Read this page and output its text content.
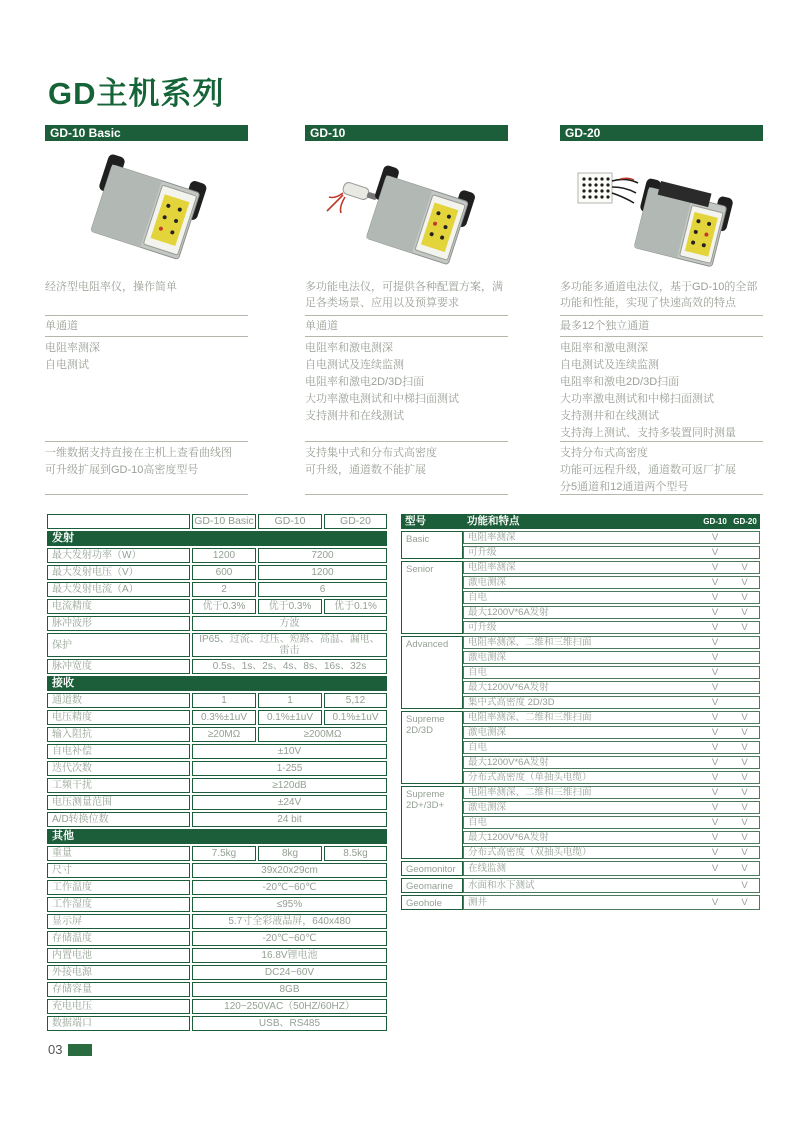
GD主机系列
GD-10 Basic
经济型电阻率仪，操作简单
单通道
电阻率测深
自电测试
一维数据支持直接在主机上查看曲线图
可升级扩展到GD-10高密度型号
GD-10
多功能电法仪，可提供各种配置方案，满足各类场景、应用以及预算要求
单通道
电阻率和激电测深
自电测试及连续监测
电阻率和激电2D/3D扫面
大功率激电测试和中梯扫面测试
支持测井和在线测试
支持集中式和分布式高密度
可升级，通道数不能扩展
GD-20
多功能多通道电法仪，基于GD-10的全部功能和性能，实现了快速高效的特点
最多12个独立通道
电阻率和激电测深
自电测试及连续监测
电阻率和激电2D/3D扫面
大功率激电测试和中梯扫面测试
支持测井和在线测试
支持海上测试、支持多装置同时测量
支持分布式高密度
功能可远程升级，通道数可返厂扩展
分5通道和12通道两个型号
	GD-10 Basic	GD-10	GD-20
发射			
最大发射功率（W）	1200	7200	
最大发射电压（V）	600	1200	
最大发射电流（A）	2	6	
电流精度	优于0.3%	优于0.3%	优于0.1%
脉冲波形	方波		
保护	IP65、过流、过压、短路、高温、漏电、雷击		
脉冲宽度	0.5s、1s、2s、4s、8s、16s、32s		
接收			
通道数	1	1	5,12
电压精度	0.3%±1uV	0.1%±1uV	0.1%±1uV
输入阻抗	≥20MΩ	≥200MΩ	
自电补偿	±10V		
迭代次数	1-255		
工频干扰	≥120dB		
电压测量范围	±24V		
A/D转换位数	24 bit		
其他			
重量	7.5kg	8kg	8.5kg
尺寸	39x20x29cm		
工作温度	-20℃~60℃		
工作湿度	≤95%		
显示屏	5.7寸全彩液晶屏，640x480		
存储温度	-20℃~60℃		
内置电池	16.8V锂电池		
外接电源	DC24~60V		
存储容量	8GB		
充电电压	120~250VAC（50HZ/60HZ）		
数据端口	USB、RS485		
型号	功能和特点	GD-10	GD-20
Basic	电阻率测深	V	
	可升级	V	
Senior	电阻率测深	V	V
	激电测深	V	V
	自电	V	V
	最大1200V*6A发射	V	V
	可升级	V	V
Advanced	电阻率测深、二维和三维扫面	V	
	激电测深	V	
	自电	V	
	最大1200V*6A发射	V	
	集中式高密度 2D/3D	V	
Supreme 2D/3D	电阻率测深、二维和三维扫面	V	V
	激电测深	V	V
	自电	V	V
	最大1200V*6A发射	V	V
	分布式高密度（单抽头电缆）	V	V
Supreme 2D+/3D+	电阻率测深、二维和三维扫面	V	V
	激电测深	V	V
	自电	V	V
	最大1200V*6A发射	V	V
	分布式高密度（双抽头电缆）	V	V
Geomonitor	在线监测	V	V
Geomarine	水面和水下测试		V
Geohole	测井	V	V
03
